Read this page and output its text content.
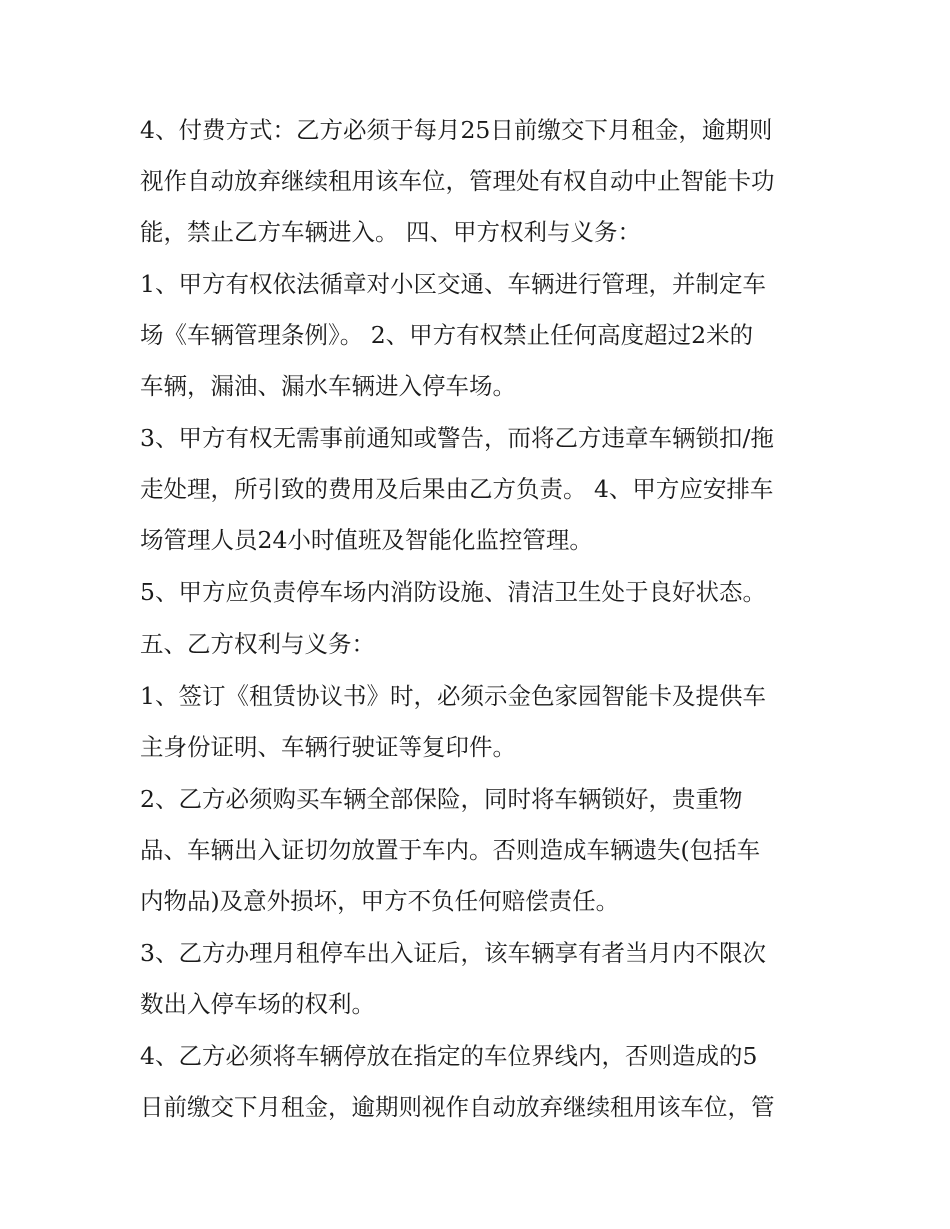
4、付费方式：乙方必须于每月25日前缴交下月租金，逾期则
视作自动放弃继续租用该车位，管理处有权自动中止智能卡功
能，禁止乙方车辆进入。 四、甲方权利与义务：

1、甲方有权依法循章对小区交通、车辆进行管理，并制定车
场《车辆管理条例》。 2、甲方有权禁止任何高度超过2米的
车辆，漏油、漏水车辆进入停车场。

3、甲方有权无需事前通知或警告，而将乙方违章车辆锁扣/拖
走处理，所引致的费用及后果由乙方负责。 4、甲方应安排车
场管理人员24小时值班及智能化监控管理。

5、甲方应负责停车场内消防设施、清洁卫生处于良好状态。

五、乙方权利与义务：

1、签订《租赁协议书》时，必须示金色家园智能卡及提供车
主身份证明、车辆行驶证等复印件。

2、乙方必须购买车辆全部保险，同时将车辆锁好，贵重物
品、车辆出入证切勿放置于车内。否则造成车辆遗失(包括车
内物品)及意外损坏，甲方不负任何赔偿责任。

3、乙方办理月租停车出入证后，该车辆享有者当月内不限次
数出入停车场的权利。

4、乙方必须将车辆停放在指定的车位界线内，否则造成的5
日前缴交下月租金，逾期则视作自动放弃继续租用该车位，管
